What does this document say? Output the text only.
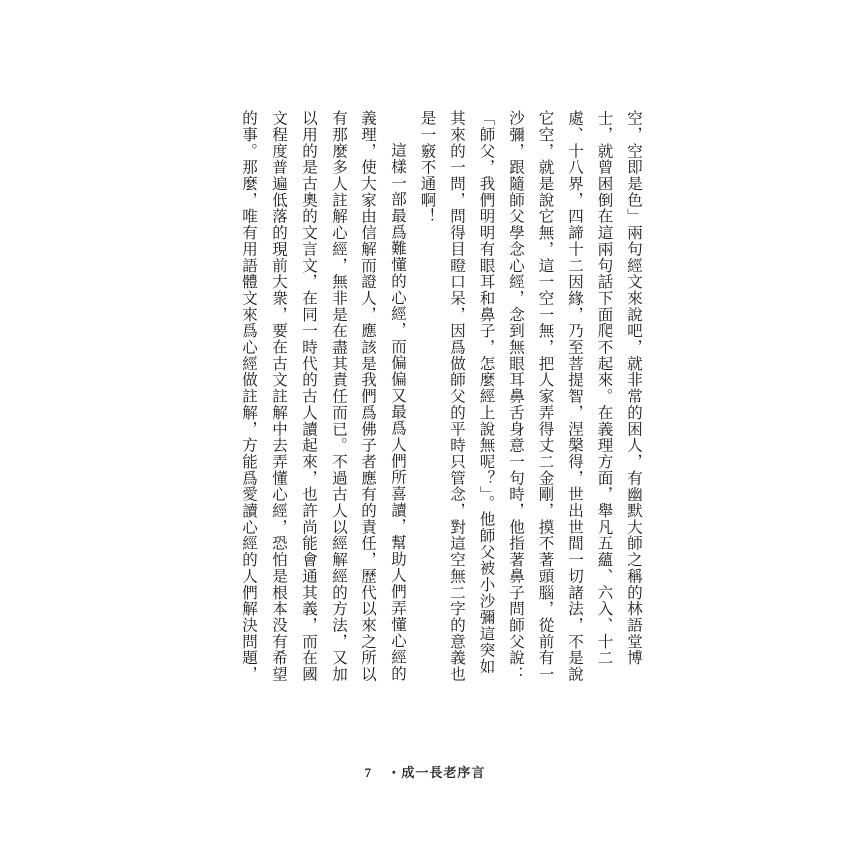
空，空即是色」兩句經文來說吧，就非常的困人，有幽默大師之稱的林語堂博
士，就曾困倒在這兩句話下面爬不起來。在義理方面，舉凡五蘊、六入、十二
處、十八界，四諦十二因緣，乃至菩提智，涅槃得，世出世間一切諸法，不是說
它空，就是說它無，這一空一無，把人家弄得丈二金剛，摸不著頭腦，從前有一
沙彌，跟隨師父學念心經，念到無眼耳鼻舌身意一句時，他指著鼻子問師父說：
「師父，我們明明有眼耳和鼻子，怎麼經上說無呢？」。他師父被小沙彌這突如
其來的一問，問得目瞪口呆，因爲做師父的平時只管念，對這空無二字的意義也
是一竅不通啊！
這樣一部最爲難懂的心經，而偏偏又最爲人們所喜讀，幫助人們弄懂心經的
義理，使大家由信解而證人，應該是我們爲佛子者應有的責任，歷代以來之所以
有那麼多人註解心經，無非是在盡其責任而已。不過古人以經解經的方法，又加
以用的是古奧的文言文，在同一時代的古人讀起來，也許尚能會通其義，而在國
文程度普遍低落的現前大衆，要在古文註解中去弄懂心經，恐怕是根本没有希望
的事。那麼，唯有用語體文來爲心經做註解，方能爲愛讀心經的人們解決問題，
7 ・成一長老序言
